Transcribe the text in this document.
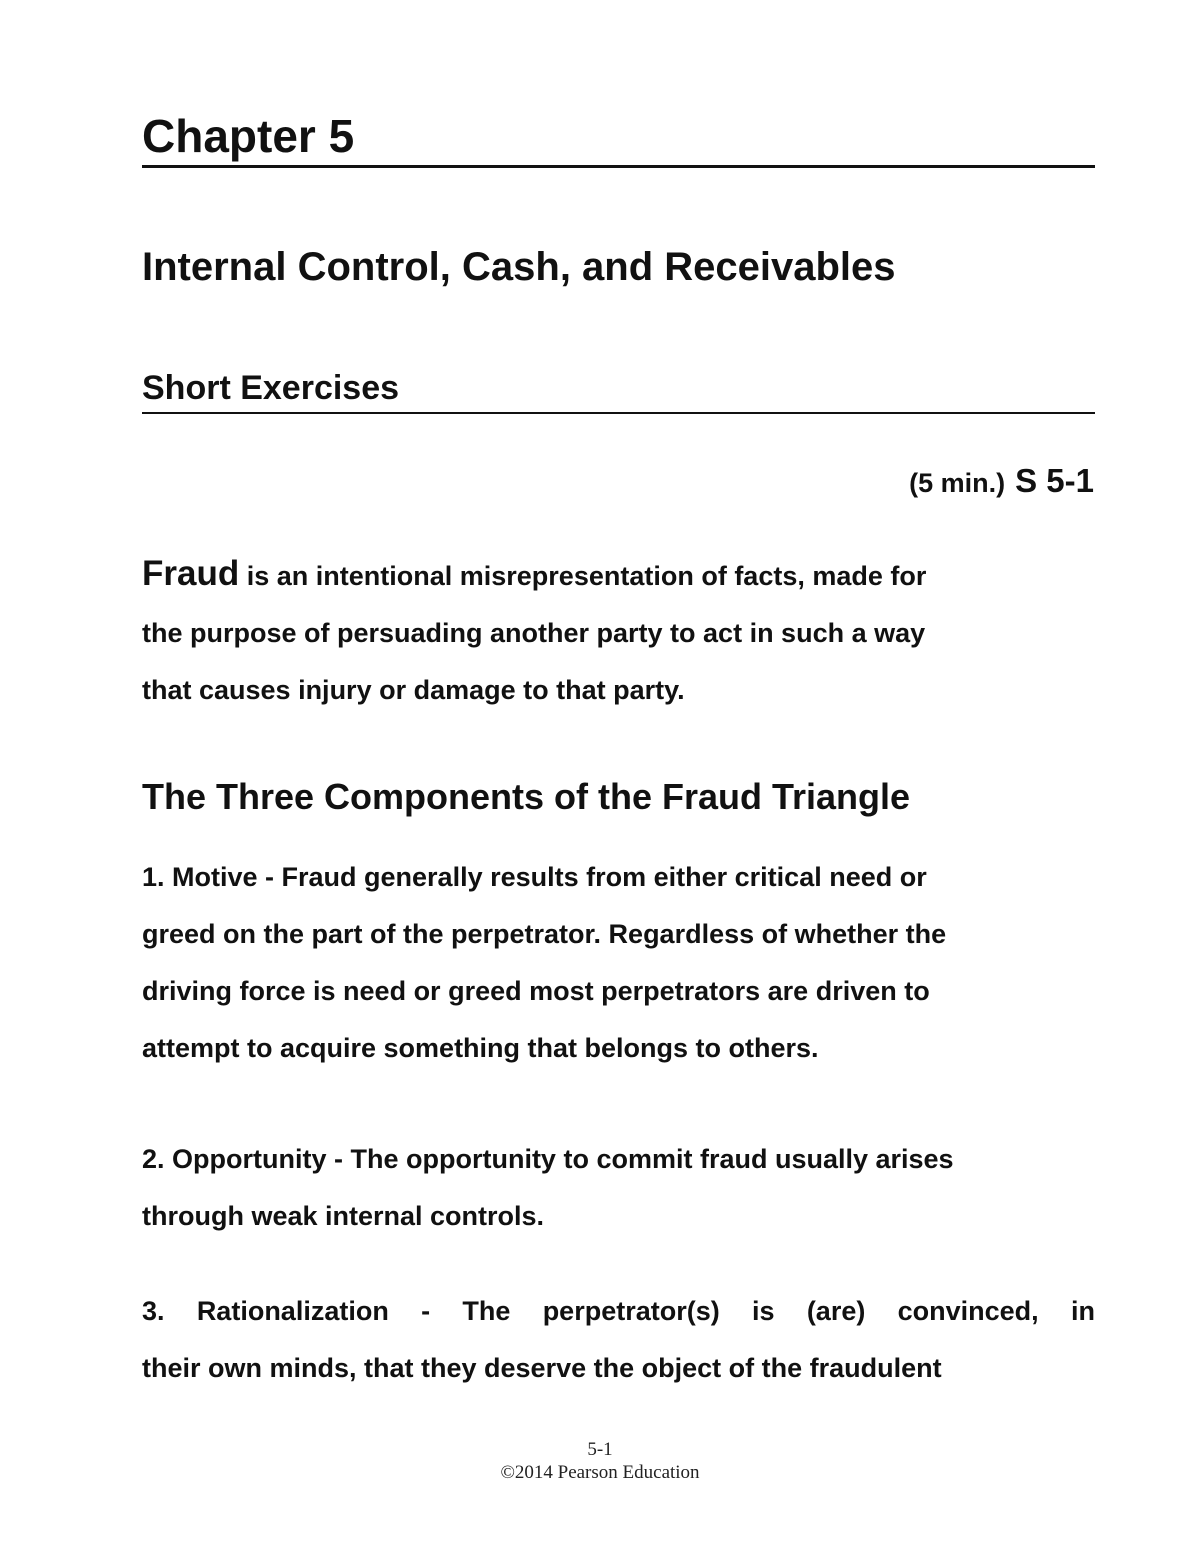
Chapter 5
Internal Control, Cash, and Receivables
Short Exercises
(5 min.) S 5-1
Fraud is an intentional misrepresentation of facts, made for
the purpose of persuading another party to act in such a way
that causes injury or damage to that party.
The Three Components of the Fraud Triangle
1. Motive - Fraud generally results from either critical need or
greed on the part of the perpetrator. Regardless of whether the
driving force is need or greed most perpetrators are driven to
attempt to acquire something that belongs to others.
2. Opportunity - The opportunity to commit fraud usually arises
through weak internal controls.
3. Rationalization - The perpetrator(s) is (are) convinced, in
their own minds, that they deserve the object of the fraudulent
5-1
©2014 Pearson Education
